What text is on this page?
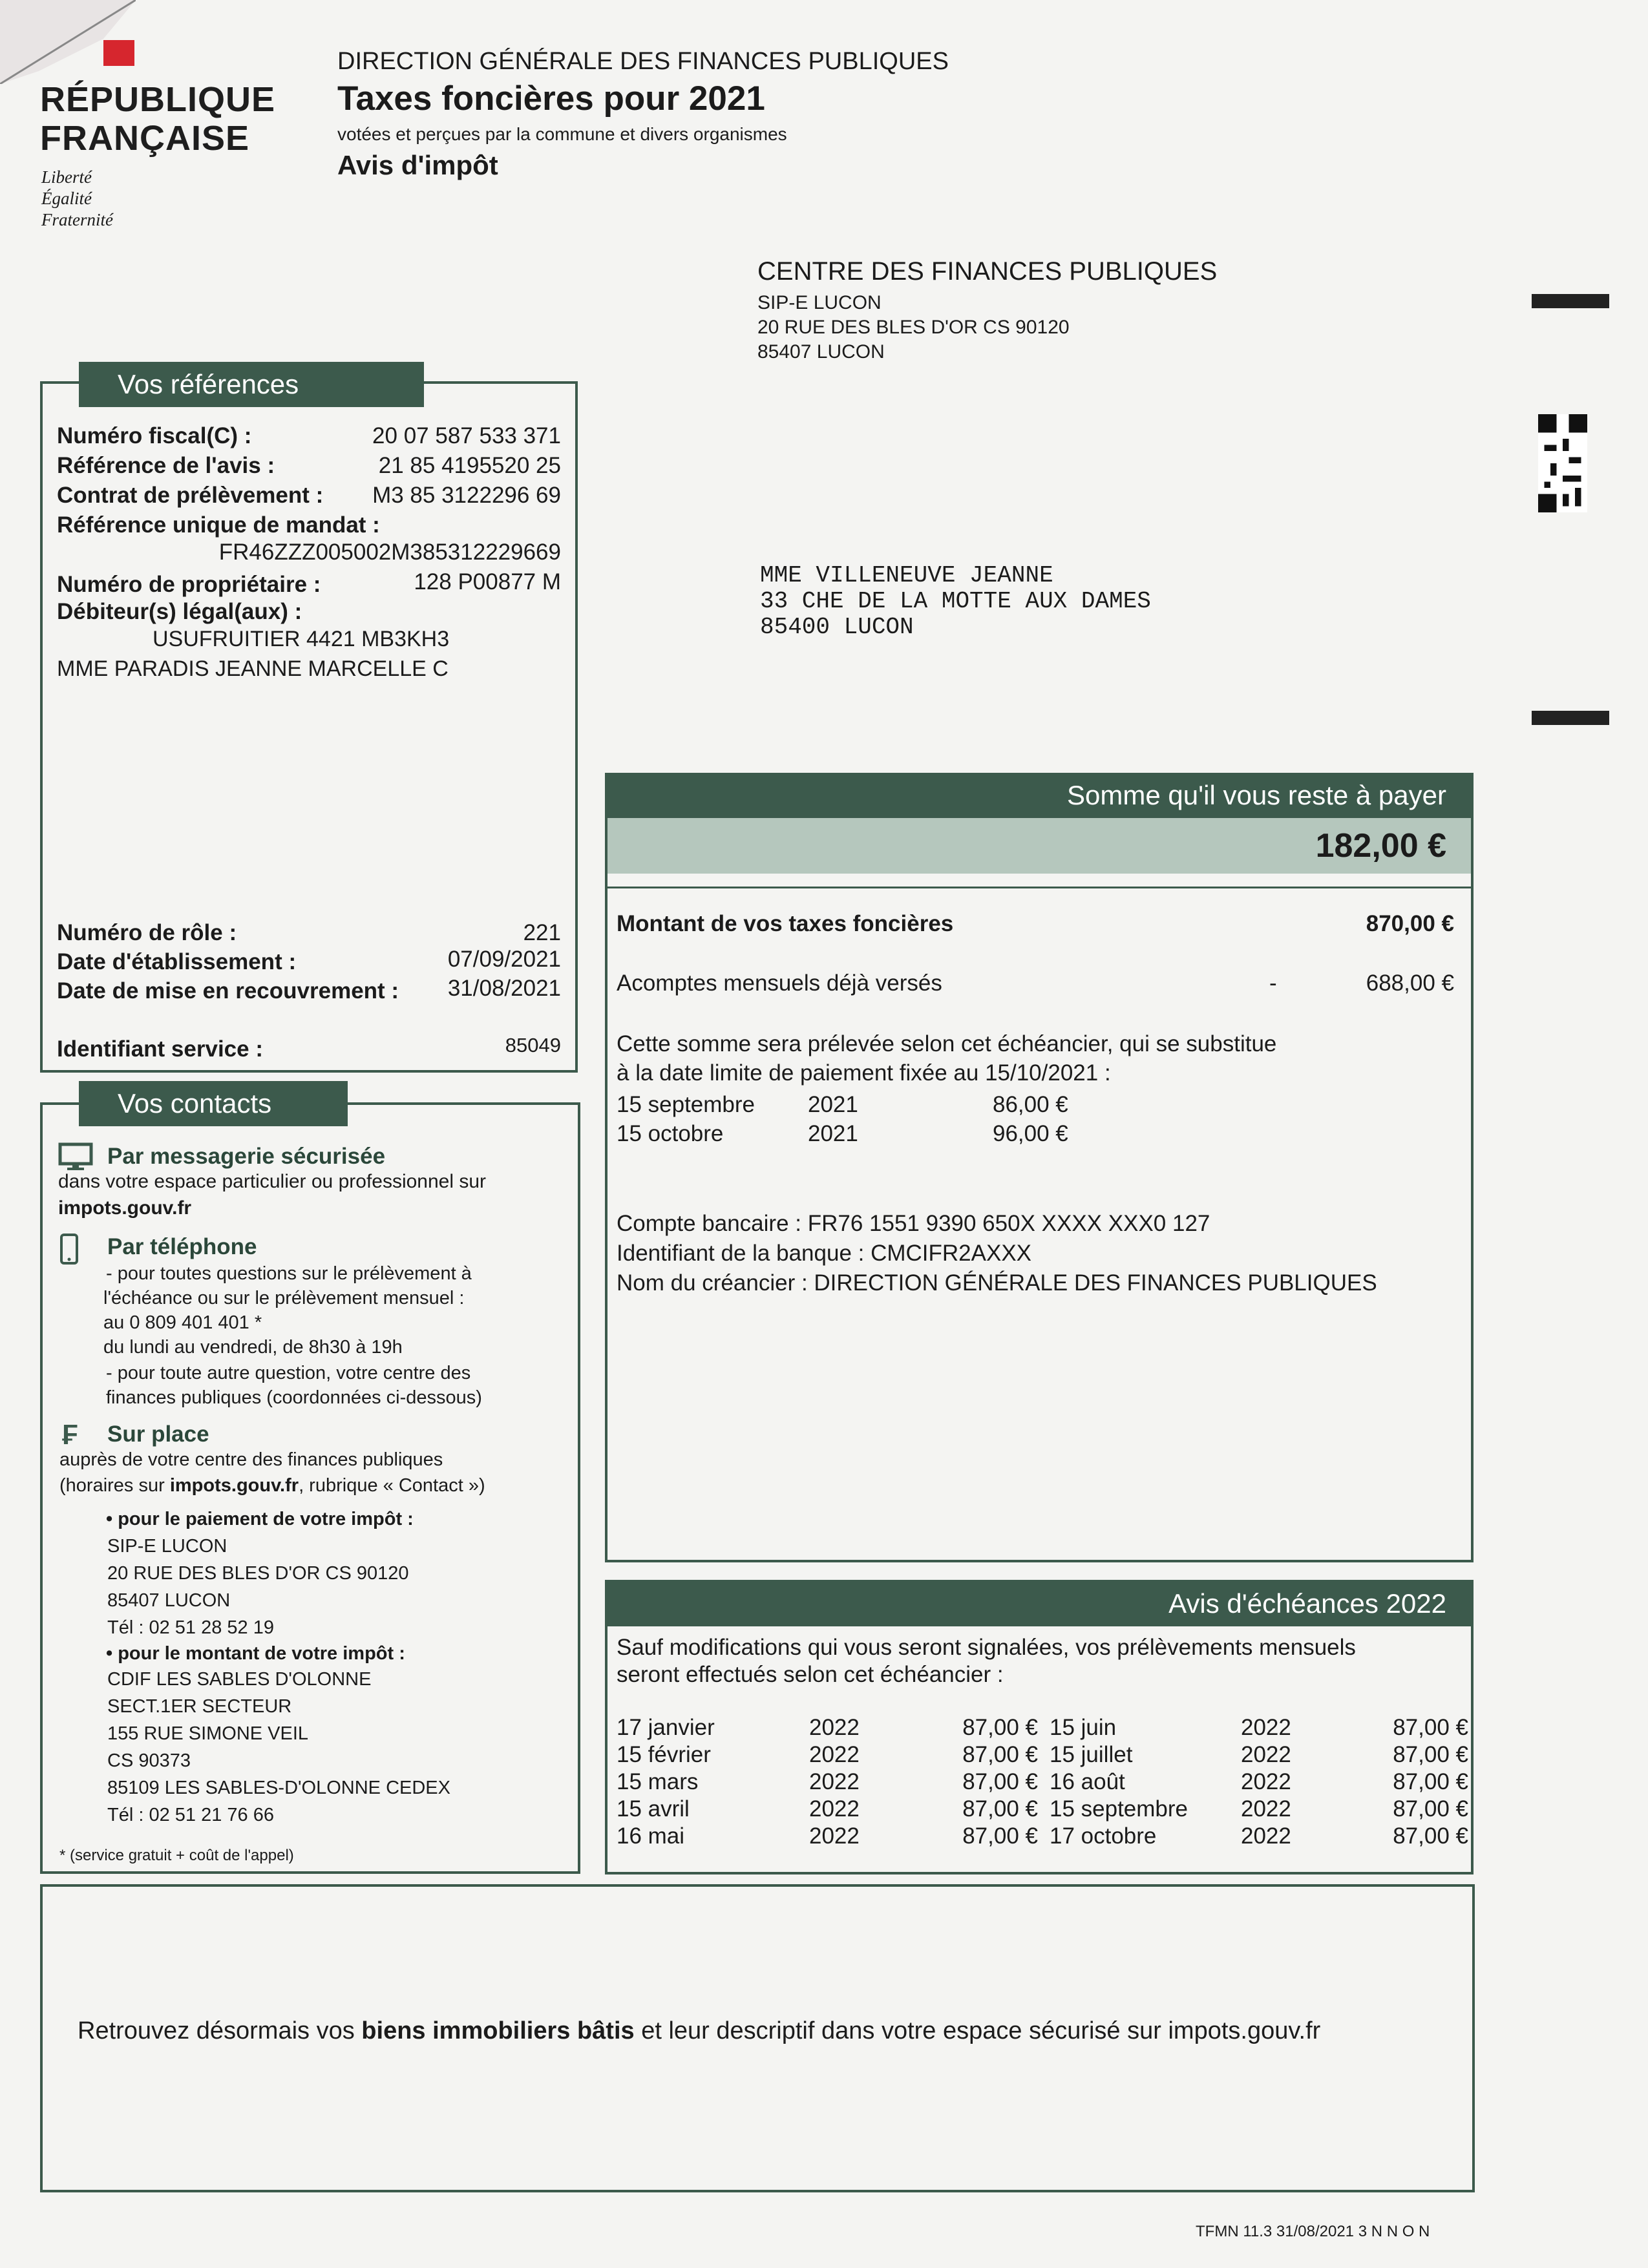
RÉPUBLIQUE
FRANÇAISE
Liberté
Égalité
Fraternité
DIRECTION GÉNÉRALE DES FINANCES PUBLIQUES
Taxes foncières pour 2021
votées et perçues par la commune et divers organismes
Avis d'impôt
CENTRE DES FINANCES PUBLIQUES
SIP-E LUCON
20 RUE DES BLES D'OR CS 90120
85407 LUCON
MME VILLENEUVE JEANNE
33 CHE DE LA MOTTE AUX DAMES
85400 LUCON
Vos références
Numéro fiscal(C) :	20 07 587 533 371
Référence de l'avis :	21 85 4195520 25
Contrat de prélèvement : M3 85 3122296 69
Référence unique de mandat :
FR46ZZZ005002M385312229669
Numéro de propriétaire :	128 P00877 M
Débiteur(s) légal(aux) :
USUFRUITIER 4421 MB3KH3
MME PARADIS JEANNE MARCELLE C
Numéro de rôle :	221
Date d'établissement :	07/09/2021
Date de mise en recouvrement : 31/08/2021
Identifiant service :	85049
Vos contacts
Par messagerie sécurisée
dans votre espace particulier ou professionnel sur
impots.gouv.fr
Par téléphone
- pour toutes questions sur le prélèvement à
l'échéance ou sur le prélèvement mensuel :
au 0 809 401 401 *
du lundi au vendredi, de 8h30 à 19h
- pour toute autre question, votre centre des
finances publiques (coordonnées ci-dessous)
₣ Sur place
auprès de votre centre des finances publiques
(horaires sur impots.gouv.fr, rubrique « Contact »)
• pour le paiement de votre impôt :
SIP-E LUCON
20 RUE DES BLES D'OR CS 90120
85407 LUCON
Tél : 02 51 28 52 19
• pour le montant de votre impôt :
CDIF LES SABLES D'OLONNE
SECT.1ER SECTEUR
155 RUE SIMONE VEIL
CS 90373
85109 LES SABLES-D'OLONNE CEDEX
Tél : 02 51 21 76 66
* (service gratuit + coût de l'appel)
Somme qu'il vous reste à payer
182,00 €
Montant de vos taxes foncières	870,00 €
Acomptes mensuels déjà versés	-	688,00 €
Cette somme sera prélevée selon cet échéancier, qui se substitue
à la date limite de paiement fixée au 15/10/2021 :
15 septembre 2021	86,00 €
15 octobre	2021	96,00 €
Compte bancaire : FR76 1551 9390 650X XXXX XXX0 127
Identifiant de la banque : CMCIFR2AXXX
Nom du créancier : DIRECTION GÉNÉRALE DES FINANCES PUBLIQUES
Avis d'échéances 2022
Sauf modifications qui vous seront signalées, vos prélèvements mensuels
seront effectués selon cet échéancier :
17 janvier	2022	87,00 €
15 février	2022	87,00 €
15 mars	2022	87,00 €
15 avril	2022	87,00 €
16 mai	2022	87,00 €
15 juin	2022	87,00 €
15 juillet	2022	87,00 €
16 août	2022	87,00 €
15 septembre 2022	87,00 €
17 octobre	2022	87,00 €
Retrouvez désormais vos biens immobiliers bâtis et leur descriptif dans votre espace sécurisé sur impots.gouv.fr
TFMN 11.3 31/08/2021 3 N N O N
